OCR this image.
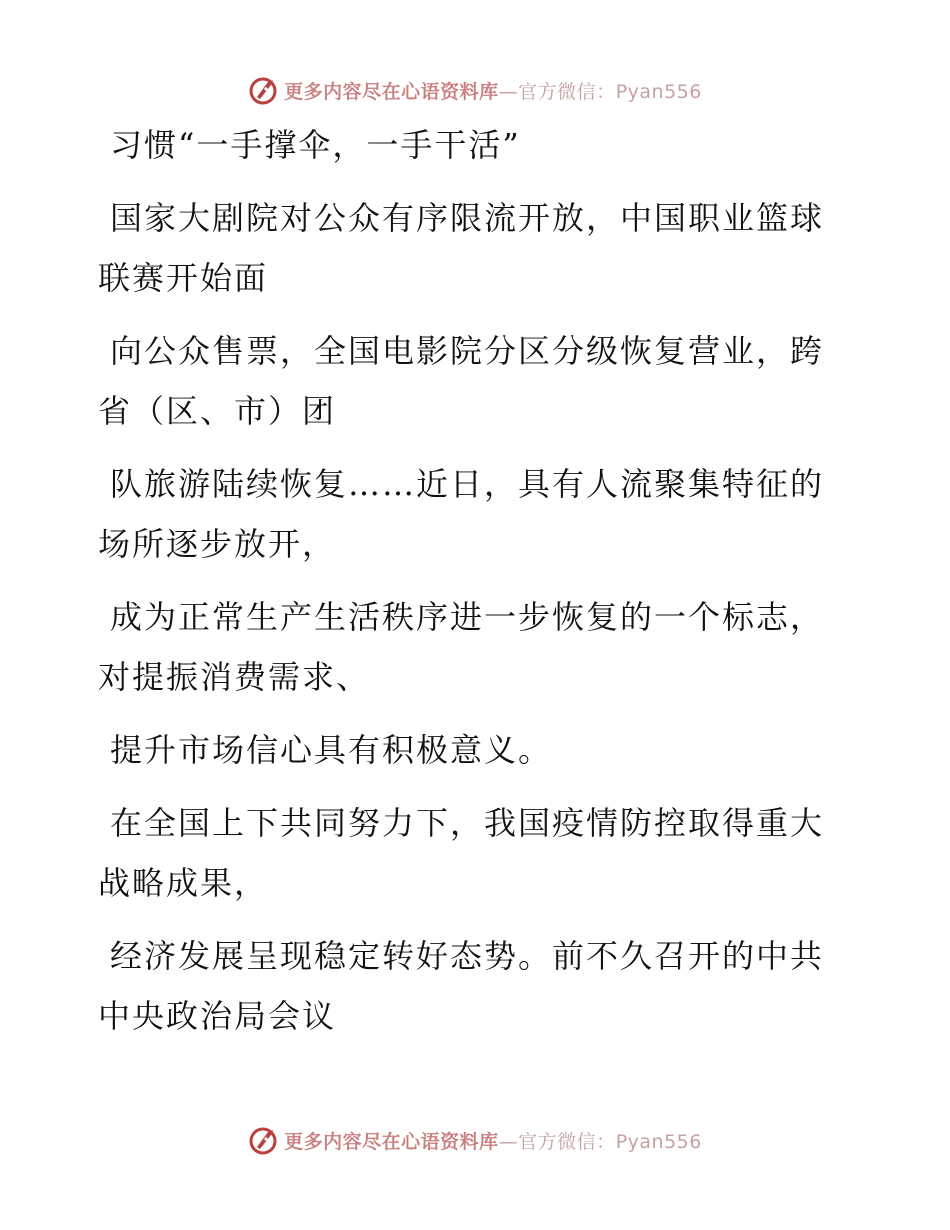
更多内容尽在心语资料库—官方微信：Pyan556

习惯“一手撑伞，一手干活”

国家大剧院对公众有序限流开放，中国职业篮球
联赛开始面

向公众售票，全国电影院分区分级恢复营业，跨
省（区、市）团

队旅游陆续恢复……近日，具有人流聚集特征的
场所逐步放开，

成为正常生产生活秩序进一步恢复的一个标志，
对提振消费需求、

提升市场信心具有积极意义。

在全国上下共同努力下，我国疫情防控取得重大
战略成果，

经济发展呈现稳定转好态势。前不久召开的中共
中央政治局会议

更多内容尽在心语资料库—官方微信：Pyan556
